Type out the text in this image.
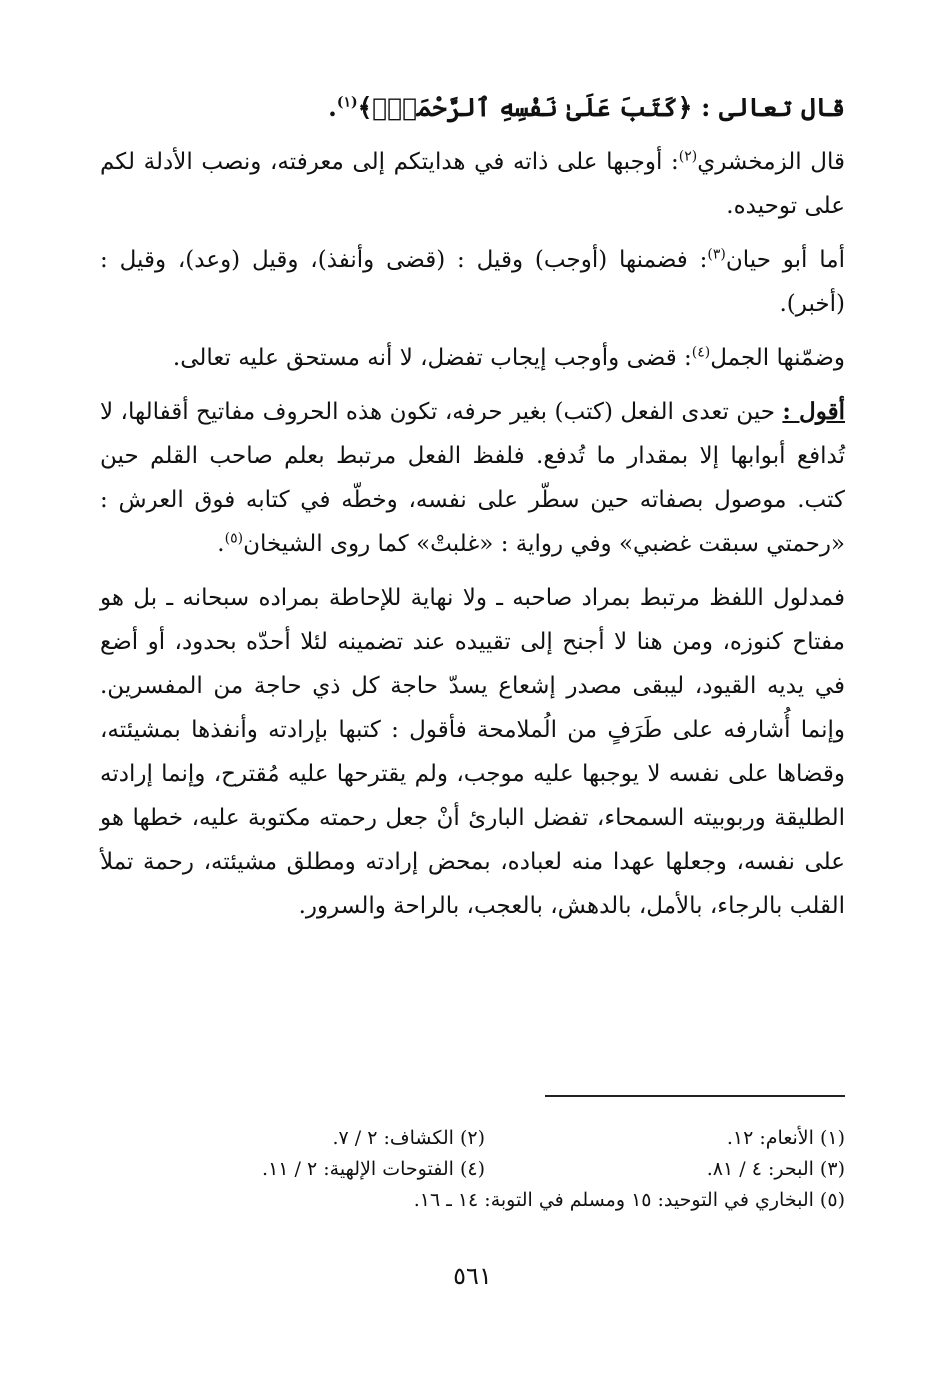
قال تعالى : ﴿كَتَبَ عَلَىٰ نَفْسِهِ ٱلرَّحْمَةَۚ﴾$^{(١)}$.

قال الزمخشري$^{(٢)}$: أوجبها على ذاته في هدايتكم إلى معرفته، ونصب الأدلة لكم على توحيده.

أما أبو حيان$^{(٣)}$: فضمنها (أوجب) وقيل : (قضى وأنفذ)، وقيل (وعد)، وقيل : (أخبر).

وضمّنها الجمل$^{(٤)}$: قضى وأوجب إيجاب تفضل، لا أنه مستحق عليه تعالى.

أقول : حين تعدى الفعل (كتب) بغير حرفه، تكون هذه الحروف مفاتيح أقفالها، لا تُدافع أبوابها إلا بمقدار ما تُدفع. فلفظ الفعل مرتبط بعلم صاحب القلم حين كتب. موصول بصفاته حين سطّر على نفسه، وخطّه في كتابه فوق العرش : «رحمتي سبقت غضبي» وفي رواية : «غلبتْ» كما روى الشيخان$^{(٥)}$.

فمدلول اللفظ مرتبط بمراد صاحبه ـ ولا نهاية للإحاطة بمراده سبحانه ـ بل هو مفتاح كنوزه، ومن هنا لا أجنح إلى تقييده عند تضمينه لئلا أحدّه بحدود، أو أضع في يديه القيود، ليبقى مصدر إشعاع يسدّ حاجة كل ذي حاجة من المفسرين. وإنما أُشارفه على طَرَفٍ من الُملامحة فأقول : كتبها بإرادته وأنفذها بمشيئته، وقضاها على نفسه لا يوجبها عليه موجب، ولم يقترحها عليه مُقترح، وإنما إرادته الطليقة وربوبيته السمحاء، تفضل البارئ أنْ جعل رحمته مكتوبة عليه، خطها هو على نفسه، وجعلها عهدا منه لعباده، بمحض إرادته ومطلق مشيئته، رحمة تملأ القلب بالرجاء، بالأمل، بالدهش، بالعجب، بالراحة والسرور.

(١) الأنعام: ١٢.
(٢) الكشاف: ٢ / ٧.
(٣) البحر: ٤ / ٨١.
(٤) الفتوحات الإلهية: ٢ / ١١.
(٥) البخاري في التوحيد: ١٥ ومسلم في التوبة: ١٤ ـ ١٦.
٥٦١
